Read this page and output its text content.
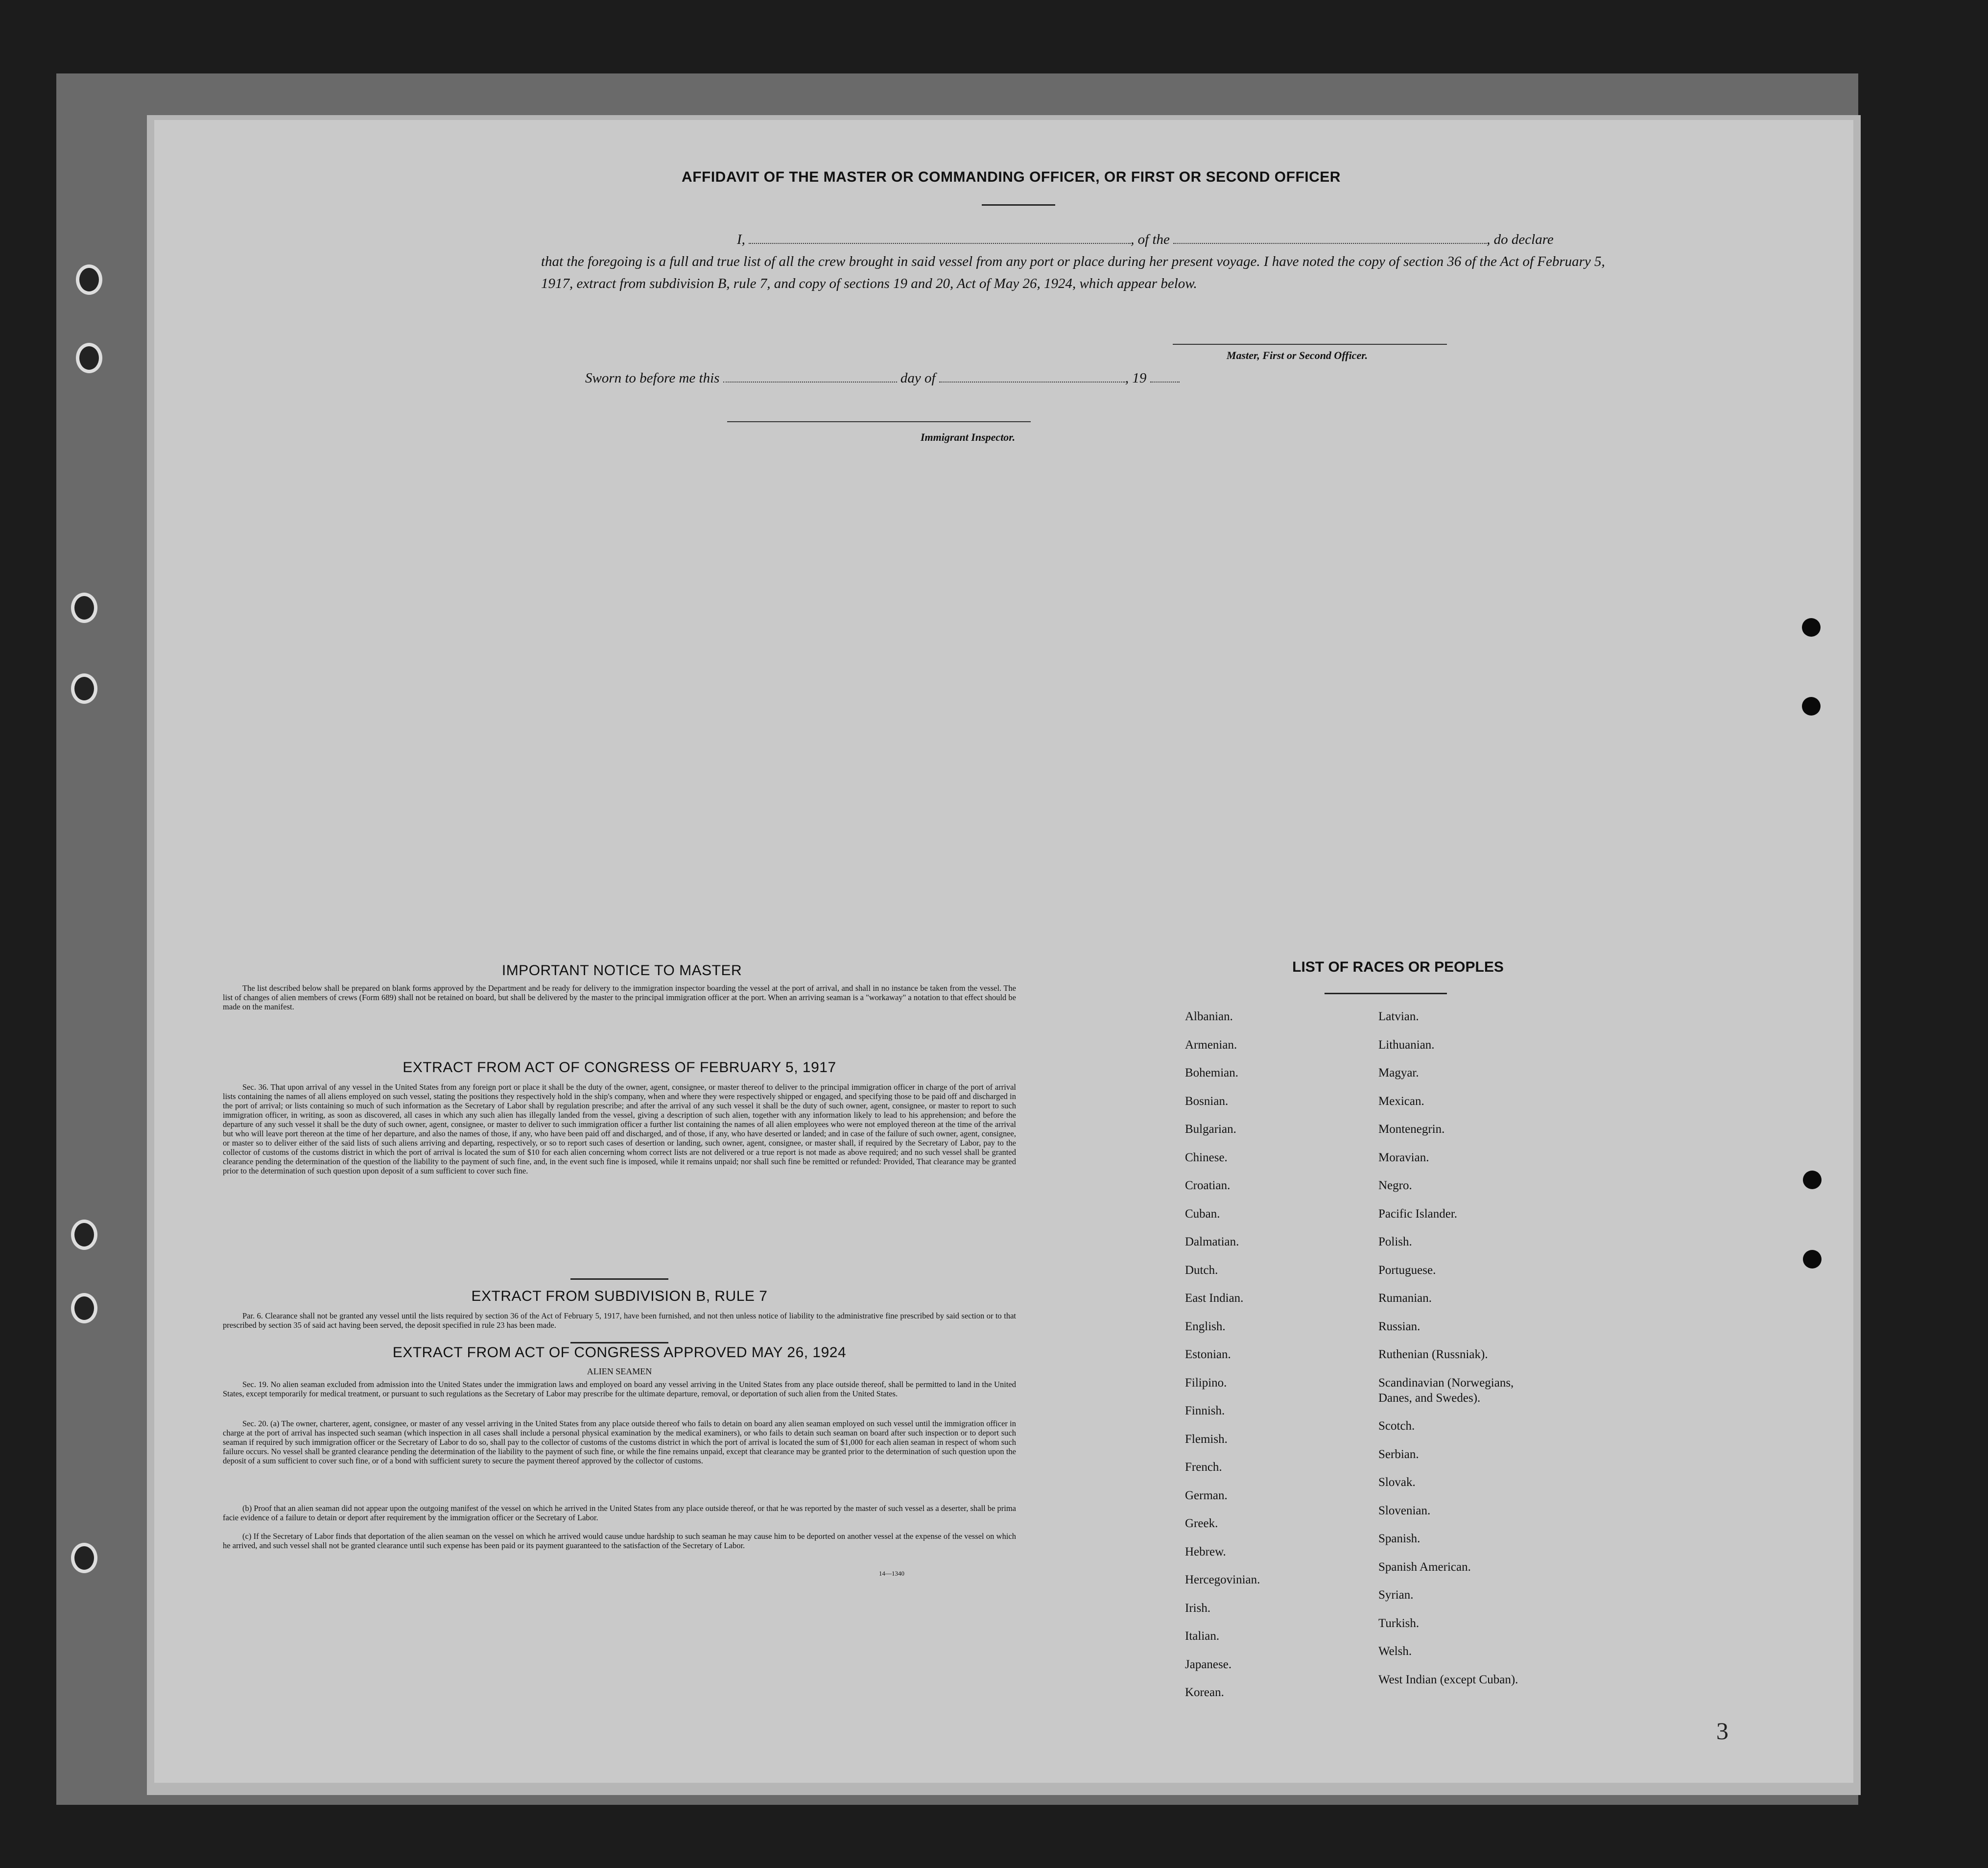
AFFIDAVIT OF THE MASTER OR COMMANDING OFFICER, OR FIRST OR SECOND OFFICER
I,	, of the	, do declare
that the foregoing is a full and true list of all the crew brought in said vessel from any port or place during her present voyage. I have noted the copy of section 36 of the Act of February 5, 1917, extract from subdivision B, rule 7, and copy of sections 19 and 20, Act of May 26, 1924, which appear below.
Master, First or Second Officer.
Sworn to before me this	day of	, 19
Immigrant Inspector.
IMPORTANT NOTICE TO MASTER

The list described below shall be prepared on blank forms approved by the Department and be ready for delivery to the immigration inspector boarding the vessel at the port of arrival, and shall in no instance be taken from the vessel. The list of changes of alien members of crews (Form 689) shall not be retained on board, but shall be delivered by the master to the principal immigration officer at the port. When an arriving seaman is a "workaway" a notation to that effect should be made on the manifest.

EXTRACT FROM ACT OF CONGRESS OF FEBRUARY 5, 1917

Sec. 36. That upon arrival of any vessel in the United States from any foreign port or place it shall be the duty of the owner, agent, consignee, or master thereof to deliver to the principal immigration officer in charge of the port of arrival lists containing the names of all aliens employed on such vessel, stating the positions they respectively hold in the ship's company, when and where they were respectively shipped or engaged, and specifying those to be paid off and discharged in the port of arrival; or lists containing so much of such information as the Secretary of Labor shall by regulation prescribe; and after the arrival of any such vessel it shall be the duty of such owner, agent, consignee, or master to report to such immigration officer, in writing, as soon as discovered, all cases in which any such alien has illegally landed from the vessel, giving a description of such alien, together with any information likely to lead to his apprehension; and before the departure of any such vessel it shall be the duty of such owner, agent, consignee, or master to deliver to such immigration officer a further list containing the names of all alien employees who were not employed thereon at the time of the arrival but who will leave port thereon at the time of her departure, and also the names of those, if any, who have been paid off and discharged, and of those, if any, who have deserted or landed; and in case of the failure of such owner, agent, consignee, or master so to deliver either of the said lists of such aliens arriving and departing, respectively, or so to report such cases of desertion or landing, such owner, agent, consignee, or master shall, if required by the Secretary of Labor, pay to the collector of customs of the customs district in which the port of arrival is located the sum of $10 for each alien concerning whom correct lists are not delivered or a true report is not made as above required; and no such vessel shall be granted clearance pending the determination of the question of the liability to the payment of such fine, and, in the event such fine is imposed, while it remains unpaid; nor shall such fine be remitted or refunded: Provided, That clearance may be granted prior to the determination of such question upon deposit of a sum sufficient to cover such fine.

EXTRACT FROM SUBDIVISION B, RULE 7

Par. 6. Clearance shall not be granted any vessel until the lists required by section 36 of the Act of February 5, 1917, have been furnished, and not then unless notice of liability to the administrative fine prescribed by said section or to that prescribed by section 35 of said act having been served, the deposit specified in rule 23 has been made.

EXTRACT FROM ACT OF CONGRESS APPROVED MAY 26, 1924
ALIEN SEAMEN

Sec. 19. No alien seaman excluded from admission into the United States under the immigration laws and employed on board any vessel arriving in the United States from any place outside thereof, shall be permitted to land in the United States, except temporarily for medical treatment, or pursuant to such regulations as the Secretary of Labor may prescribe for the ultimate departure, removal, or deportation of such alien from the United States.

Sec. 20. (a) The owner, charterer, agent, consignee, or master of any vessel arriving in the United States from any place outside thereof who fails to detain on board any alien seaman employed on such vessel until the immigration officer in charge at the port of arrival has inspected such seaman (which inspection in all cases shall include a personal physical examination by the medical examiners), or who fails to detain such seaman on board after such inspection or to deport such seaman if required by such immigration officer or the Secretary of Labor to do so, shall pay to the collector of customs of the customs district in which the port of arrival is located the sum of $1,000 for each alien seaman in respect of whom such failure occurs. No vessel shall be granted clearance pending the determination of the liability to the payment of such fine, or while the fine remains unpaid, except that clearance may be granted prior to the determination of such question upon the deposit of a sum sufficient to cover such fine, or of a bond with sufficient surety to secure the payment thereof approved by the collector of customs.

(b) Proof that an alien seaman did not appear upon the outgoing manifest of the vessel on which he arrived in the United States from any place outside thereof, or that he was reported by the master of such vessel as a deserter, shall be prima facie evidence of a failure to detain or deport after requirement by the immigration officer or the Secretary of Labor.

(c) If the Secretary of Labor finds that deportation of the alien seaman on the vessel on which he arrived would cause undue hardship to such seaman he may cause him to be deported on another vessel at the expense of the vessel on which he arrived, and such vessel shall not be granted clearance until such expense has been paid or its payment guaranteed to the satisfaction of the Secretary of Labor.

14—1340
LIST OF RACES OR PEOPLES
3
Albanian.
Armenian.
Bohemian.
Bosnian.
Bulgarian.
Chinese.
Croatian.
Cuban.
Dalmatian.
Dutch.
East Indian.
English.
Estonian.
Filipino.
Finnish.
Flemish.
French.
German.
Greek.
Hebrew.
Hercegovinian.
Irish.
Italian.
Japanese.
Korean.
Latvian.
Lithuanian.
Magyar.
Mexican.
Montenegrin.
Moravian.
Negro.
Pacific Islander.
Polish.
Portuguese.
Rumanian.
Russian.
Ruthenian (Russniak).
Scandinavian (Norwegians,
Danes, and Swedes).
Scotch.
Serbian.
Slovak.
Slovenian.
Spanish.
Spanish American.
Syrian.
Turkish.
Welsh.
West Indian (except Cuban).
